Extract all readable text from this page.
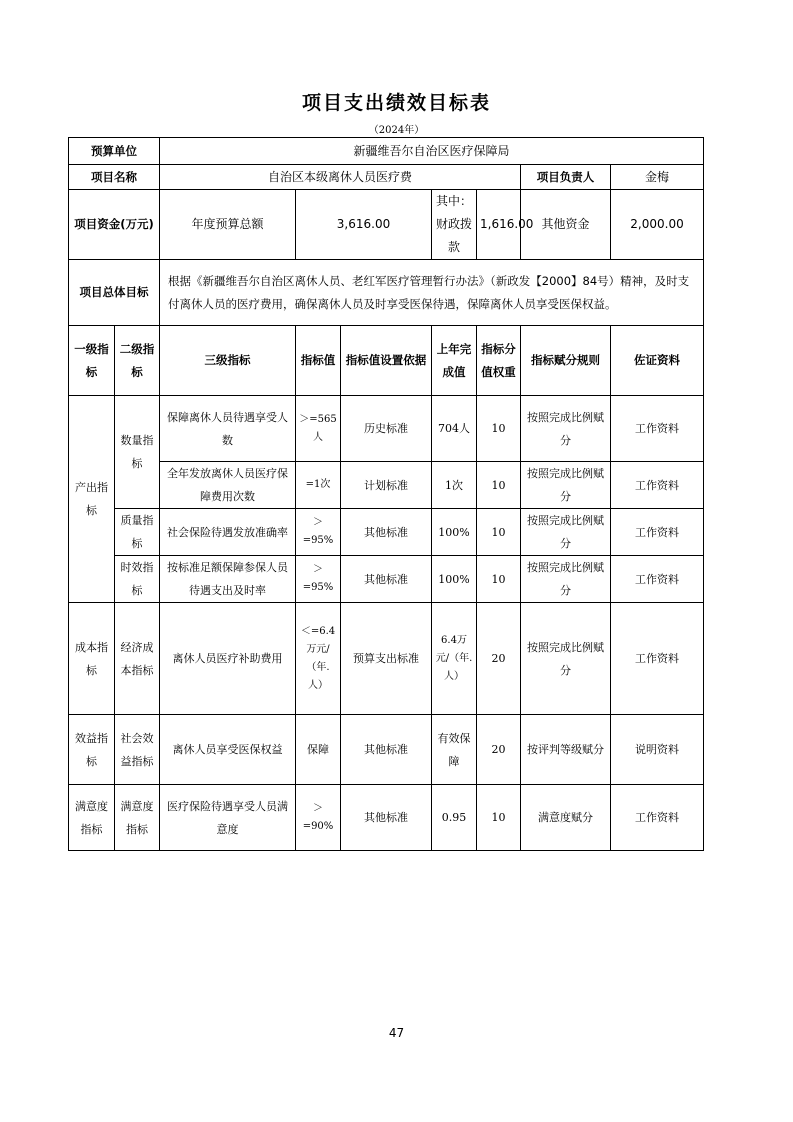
项目支出绩效目标表
（2024年）
预算单位		新疆维吾尔自治区医疗保障局						
项目名称		自治区本级离休人员医疗费					项目负责人	金梅
项目资金(万元)		年度预算总额	3,616.00		其中：财政拨款	1,616.00	其他资金	2,000.00
项目总体目标		根据《新疆维吾尔自治区离休人员、老红军医疗管理暂行办法》（新政发【2000】84号）精神，及时支付离休人员的医疗费用，确保离休人员及时享受医保待遇，保障离休人员享受医保权益。						
一级指标	二级指标	三级指标	指标值	指标值设置依据	上年完成值	指标分值权重	指标赋分规则	佐证资料
产出指标	数量指标	保障离休人员待遇享受人数	＞=565人	历史标准	704人	10	按照完成比例赋分	工作资料
		全年发放离休人员医疗保障费用次数	=1次	计划标准	1次	10	按照完成比例赋分	工作资料
	质量指标	社会保险待遇发放准确率	＞=95%	其他标准	100%	10	按照完成比例赋分	工作资料
	时效指标	按标准足额保障参保人员待遇支出及时率	＞=95%	其他标准	100%	10	按照完成比例赋分	工作资料
成本指标	经济成本指标	离休人员医疗补助费用	＜=6.4万元/（年.人）	预算支出标准	6.4万元/（年.人）	20	按照完成比例赋分	工作资料
效益指标	社会效益指标	离休人员享受医保权益	保障	其他标准	有效保障	20	按评判等级赋分	说明资料
满意度指标	满意度指标	医疗保险待遇享受人员满意度	＞=90%	其他标准	0.95	10	满意度赋分	工作资料
47
